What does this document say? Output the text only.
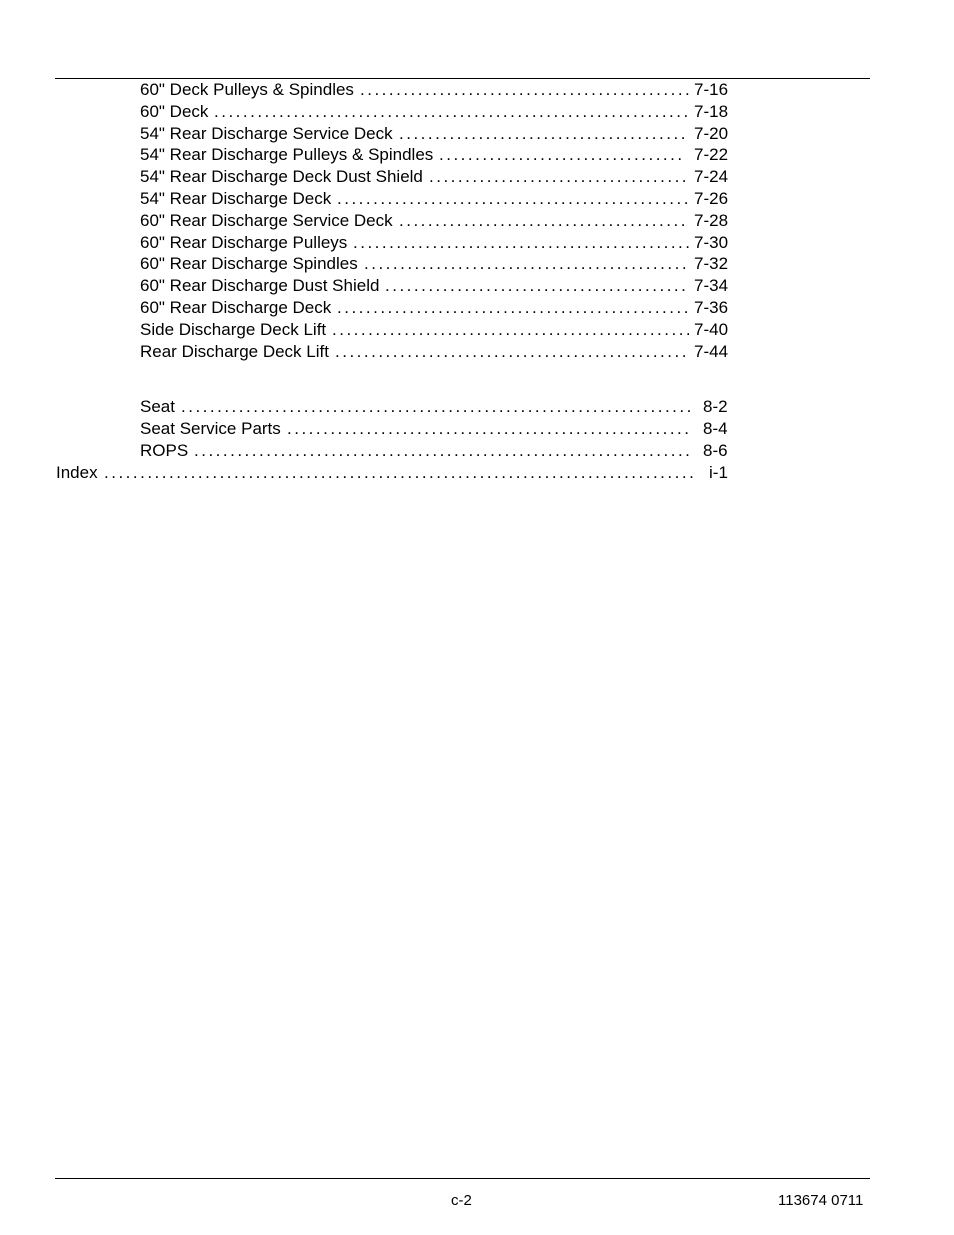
60" Deck Pulleys & Spindles .............................................. 7-16
60" Deck .................................................................. 7-18
54" Rear Discharge Service Deck ........................................ 7-20
54" Rear Discharge Pulleys & Spindles .................................. 7-22
54" Rear Discharge Deck Dust Shield .................................... 7-24
54" Rear Discharge Deck ................................................. 7-26
60" Rear Discharge Service Deck ........................................ 7-28
60" Rear Discharge Pulleys ............................................... 7-30
60" Rear Discharge Spindles ............................................. 7-32
60" Rear Discharge Dust Shield .......................................... 7-34
60" Rear Discharge Deck ................................................. 7-36
Side Discharge Deck Lift .................................................. 7-40
Rear Discharge Deck Lift ................................................. 7-44
Seat ....................................................................... 8-2
Seat Service Parts ........................................................ 8-4
ROPS ..................................................................... 8-6
Index .................................................................................. i-1
c-2	113674 0711
